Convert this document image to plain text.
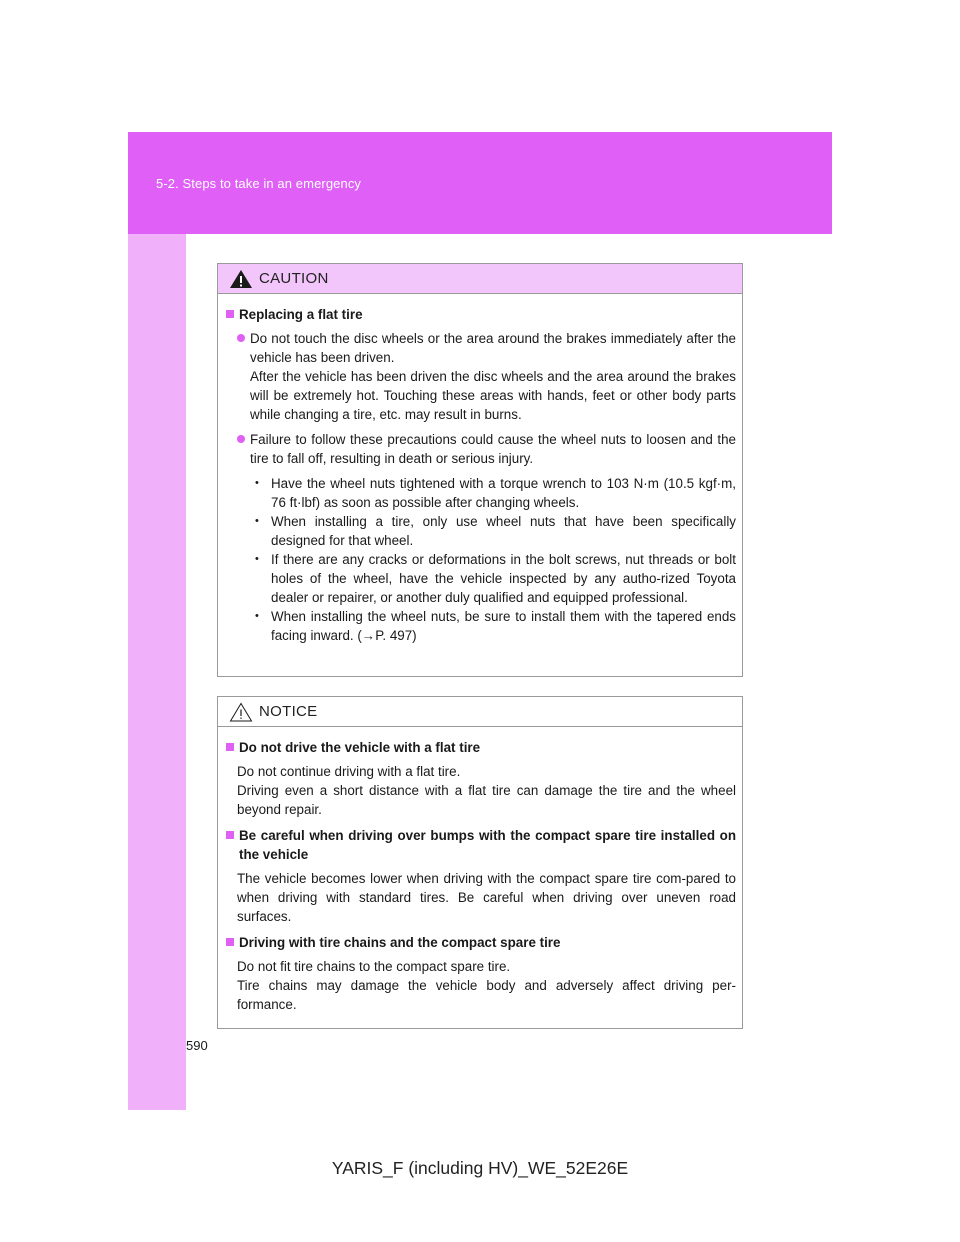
5-2. Steps to take in an emergency
CAUTION
Replacing a flat tire
Do not touch the disc wheels or the area around the brakes immediately after the vehicle has been driven.
After the vehicle has been driven the disc wheels and the area around the brakes will be extremely hot. Touching these areas with hands, feet or other body parts while changing a tire, etc. may result in burns.
Failure to follow these precautions could cause the wheel nuts to loosen and the tire to fall off, resulting in death or serious injury.
• Have the wheel nuts tightened with a torque wrench to 103 N·m (10.5 kgf·m, 76 ft·lbf) as soon as possible after changing wheels.
• When installing a tire, only use wheel nuts that have been specifically designed for that wheel.
• If there are any cracks or deformations in the bolt screws, nut threads or bolt holes of the wheel, have the vehicle inspected by any autho-rized Toyota dealer or repairer, or another duly qualified and equipped professional.
• When installing the wheel nuts, be sure to install them with the tapered ends facing inward. (→P. 497)
NOTICE
Do not drive the vehicle with a flat tire
Do not continue driving with a flat tire.
Driving even a short distance with a flat tire can damage the tire and the wheel beyond repair.
Be careful when driving over bumps with the compact spare tire installed on the vehicle
The vehicle becomes lower when driving with the compact spare tire com-pared to when driving with standard tires. Be careful when driving over uneven road surfaces.
Driving with tire chains and the compact spare tire
Do not fit tire chains to the compact spare tire.
Tire chains may damage the vehicle body and adversely affect driving per-formance.
590
YARIS_F (including HV)_WE_52E26E
